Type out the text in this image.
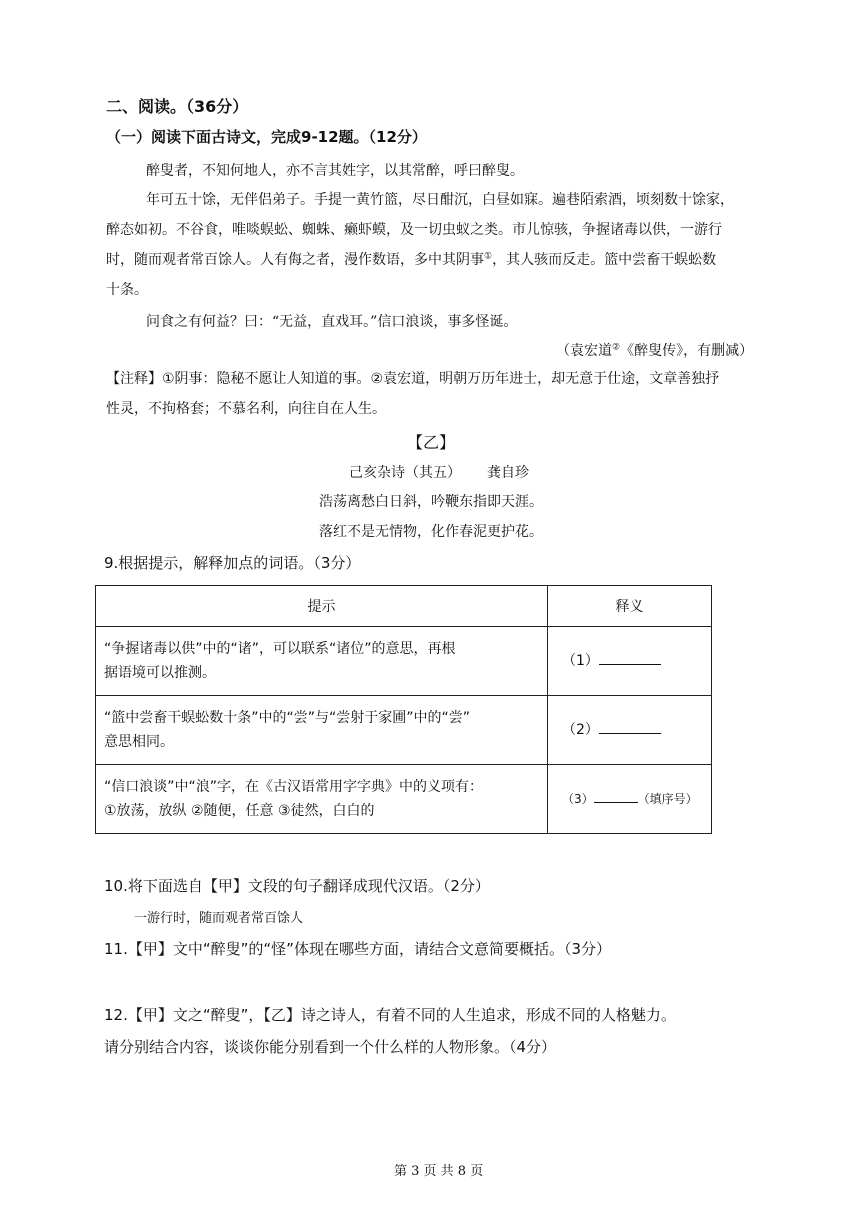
二、阅读。（36分）
（一）阅读下面古诗文，完成9-12题。（12分）
醉叟者，不知何地人，亦不言其姓字，以其常醉，呼曰醉叟。
年可五十馀，无伴侣弟子。手提一黄竹篮，尽日酣沉，白昼如寐。遍巷陌索酒，顷刻数十馀家，
醉态如初。不谷食，唯啖蜈蚣、蜘蛛、癞虾蟆，及一切虫蚁之类。市儿惊骇，争握诸毒以供，一游行
时，随而观者常百馀人。人有侮之者，漫作数语，多中其阴事①，其人骇而反走。篮中尝畜干蜈蚣数
十条。
问食之有何益？曰：“无益，直戏耳。”信口浪谈，事多怪诞。
（袁宏道②《醉叟传》，有删减）
【注释】①阴事：隐秘不愿让人知道的事。②袁宏道，明朝万历年进士，却无意于仕途，文章善独抒
性灵，不拘格套；不慕名利，向往自在人生。
【乙】
己亥杂诗（其五） 龚自珍
浩荡离愁白日斜，吟鞭东指即天涯。
落红不是无情物，化作春泥更护花。
9.根据提示，解释加点的词语。（3分）
提示	释义

“争握诸毒以供”中的“诸”，可以联系“诸位”的意思，再根
据语境可以推测。	（1）

“篮中尝畜干蜈蚣数十条”中的“尝”与“尝射于家圃”中的“尝”
意思相同。	（2）

“信口浪谈”中“浪”字，在《古汉语常用字字典》中的义项有：
①放荡，放纵 ②随便，任意 ③徒然，白白的	（3） （填序号）
10.将下面选自【甲】文段的句子翻译成现代汉语。（2分）
一游行时，随而观者常百馀人
11.【甲】文中“醉叟”的“怪”体现在哪些方面，请结合文意简要概括。（3分）
12.【甲】文之“醉叟”，【乙】诗之诗人，有着不同的人生追求，形成不同的人格魅力。
请分别结合内容，谈谈你能分别看到一个什么样的人物形象。（4分）
第 3 页 共 8 页
